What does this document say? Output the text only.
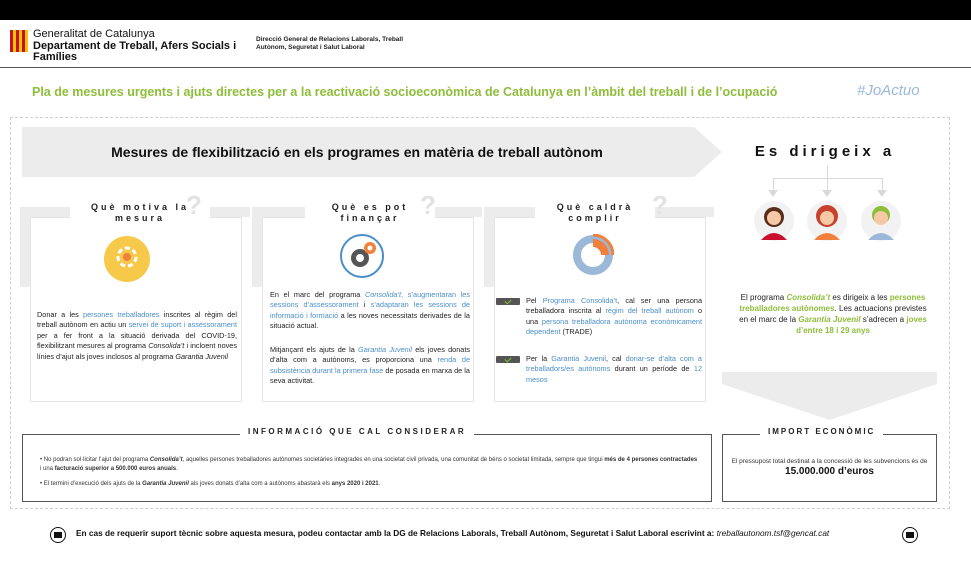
Generalitat de Catalunya
Departament de Treball, Afers Socials i Famílies
Direcció General de Relacions Laborals, Treball Autònom, Seguretat i Salut Laboral
Pla de mesures urgents i ajuts directes per a la reactivació socioeconòmica de Catalunya en l’àmbit del treball i de l’ocupació	#JoActuo
Mesures de flexibilització en els programes en matèria de treball autònom	Es dirigeix a
Què motiva la mesura ?
Donar a les persones treballadores inscrites al règim del treball autònom en actiu un servei de suport i assessorament per a fer front a la situació derivada del COVID-19, flexibilitzant mesures al programa Consolida’t i incloent noves línies d’ajut als joves inclosos al programa Garantia Juvenil
Què es pot finançar ?
En el marc del programa Consolida’t, s’augmentaran les sessions d’assessorament i s’adaptaran les sessions de informació i formació a les noves necessitats derivades de la situació actual.
Mitjançant els ajuts de la Garantia Juvenil els joves donats d’alta com a autònoms, es proporciona una renda de subsistència durant la primera fase de posada en marxa de la seva activitat.
Què caldrà complir	?
Pel Programa Consolida’t, cal ser una persona treballadora inscrita al règim del treball autònom o una persona treballadora autònoma econòmicament dependent (TRADE)
Per la Garantia Juvenil, cal donar-se d’alta com a treballadors/es autònoms durant un període de 12 mesos
El programa Consolida’t es dirigeix a les persones treballadores autònomes. Les actuacions previstes en el marc de la Garantia Juvenil s’adrecen a joves d’entre 18 i 29 anys
INFORMACIÓ QUE CAL CONSIDERAR
• No podran sol·licitar l’ajut del programa Consolida’t, aquelles persones treballadores autònomes societàries integrades en una societat civil privada, una comunitat de béns o societat limitada, sempre que tingui més de 4 persones contractades i una facturació superior a 500.000 euros anuals.
• El termini d’execució dels ajuts de la Garantia Juvenil als joves donats d’alta com a autònoms abastarà els anys 2020 i 2021.
IMPORT ECONÒMIC
El pressupost total destinat a la concessió de les subvencions és de 15.000.000 d’euros
En cas de requerir suport tècnic sobre aquesta mesura, podeu contactar amb la DG de Relacions Laborals, Treball Autònom, Seguretat i Salut Laboral escrivint a: treballautonom.tsf@gencat.cat
